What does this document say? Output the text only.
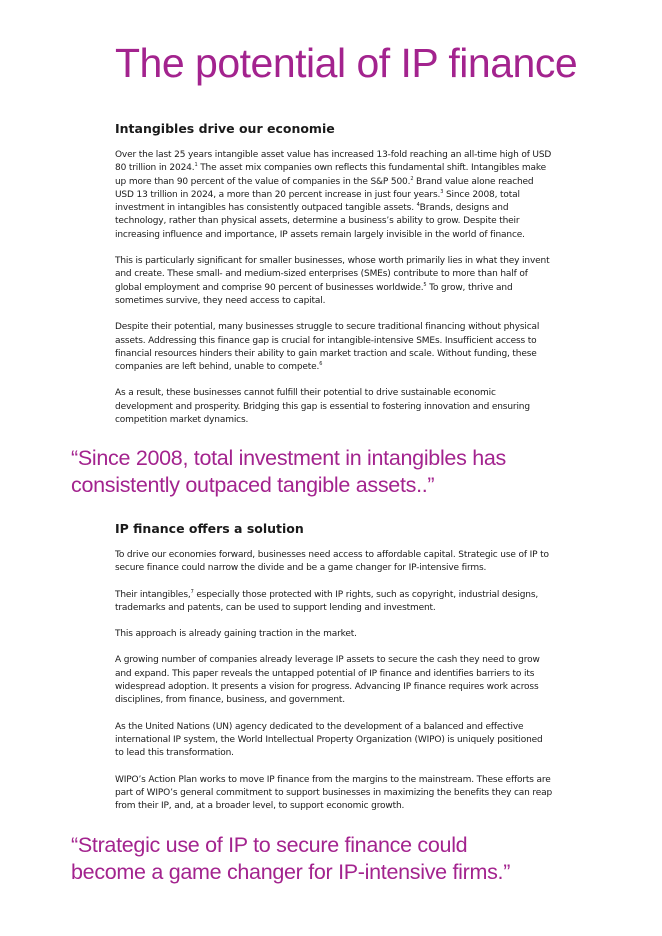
The potential of IP finance
Intangibles drive our economie

Over the last 25 years intangible asset value has increased 13-fold reaching an all-time high of USD 80 trillion in 2024.$^1$ The asset mix companies own reflects this fundamental shift. Intangibles make up more than 90 percent of the value of companies in the S&P 500.$^2$ Brand value alone reached USD 13 trillion in 2024, a more than 20 percent increase in just four years.$^3$ Since 2008, total investment in intangibles has consistently outpaced tangible assets. $^4$Brands, designs and technology, rather than physical assets, determine a business’s ability to grow. Despite their increasing influence and importance, IP assets remain largely invisible in the world of finance.

This is particularly significant for smaller businesses, whose worth primarily lies in what they invent and create. These small- and medium-sized enterprises (SMEs) contribute to more than half of global employment and comprise 90 percent of businesses worldwide.$^5$ To grow, thrive and sometimes survive, they need access to capital.

Despite their potential, many businesses struggle to secure traditional financing without physical assets. Addressing this finance gap is crucial for intangible-intensive SMEs. Insufficient access to financial resources hinders their ability to gain market traction and scale. Without funding, these companies are left behind, unable to compete.$^6$

As a result, these businesses cannot fulfill their potential to drive sustainable economic development and prosperity. Bridging this gap is essential to fostering innovation and ensuring competition market dynamics.

“Since 2008, total investment in intangibles has
consistently outpaced tangible assets..”
IP finance offers a solution

To drive our economies forward, businesses need access to affordable capital. Strategic use of IP to secure finance could narrow the divide and be a game changer for IP-intensive firms.

Their intangibles,$^7$ especially those protected with IP rights, such as copyright, industrial designs, trademarks and patents, can be used to support lending and investment.

This approach is already gaining traction in the market.

A growing number of companies already leverage IP assets to secure the cash they need to grow and expand. This paper reveals the untapped potential of IP finance and identifies barriers to its widespread adoption. It presents a vision for progress. Advancing IP finance requires work across disciplines, from finance, business, and government.

As the United Nations (UN) agency dedicated to the development of a balanced and effective international IP system, the World Intellectual Property Organization (WIPO) is uniquely positioned to lead this transformation.

WIPO’s Action Plan works to move IP finance from the margins to the mainstream. These efforts are part of WIPO’s general commitment to support businesses in maximizing the benefits they can reap from their IP, and, at a broader level, to support economic growth.

“Strategic use of IP to secure finance could
become a game changer for IP-intensive firms.”
